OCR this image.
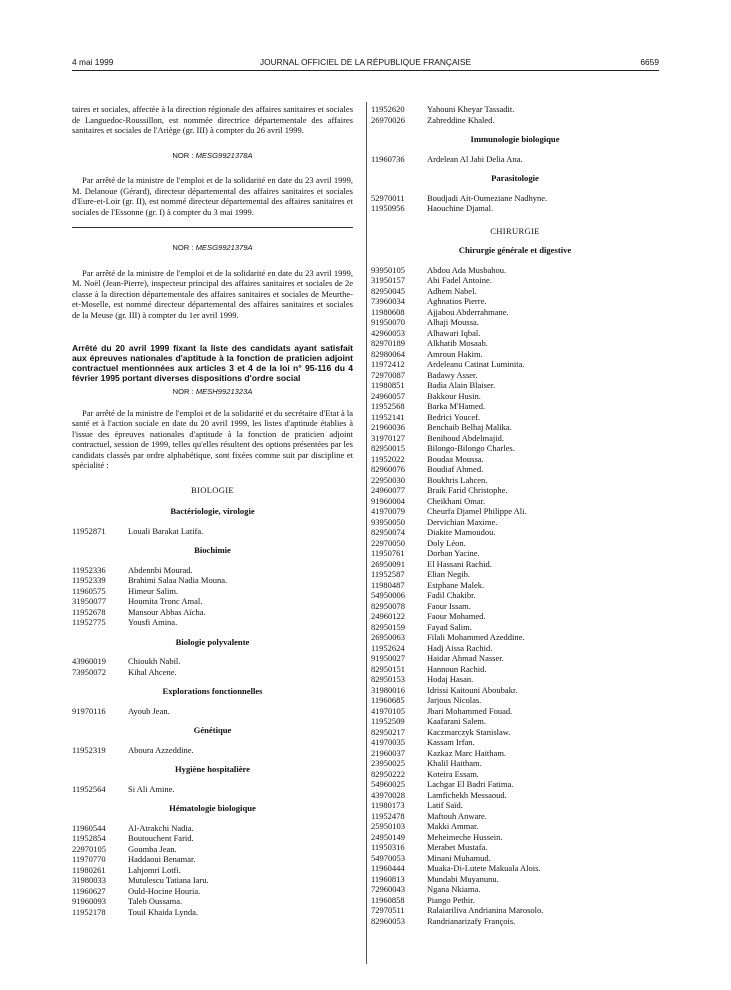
4 mai 1999	JOURNAL OFFICIEL DE LA RÉPUBLIQUE FRANÇAISE	6659

taires et sociales, affectée à la direction régionale des affaires sanitaires et sociales de Languedoc-Roussillon, est nommée directrice départementale des affaires sanitaires et sociales de l'Ariège (gr. III) à compter du 26 avril 1999.

NOR : MESG9921378A

Par arrêté de la ministre de l'emploi et de la solidarité en date du 23 avril 1999, M. Delanoue (Gérard), directeur départemental des affaires sanitaires et sociales d'Eure-et-Loir (gr. II), est nommé directeur départemental des affaires sanitaires et sociales de l'Essonne (gr. I) à compter du 3 mai 1999.

NOR : MESG9921379A

Par arrêté de la ministre de l'emploi et de la solidarité en date du 23 avril 1999, M. Noël (Jean-Pierre), inspecteur principal des affaires sanitaires et sociales de 2e classe à la direction départementale des affaires sanitaires et sociales de Meurthe-et-Moselle, est nommé directeur départemental des affaires sanitaires et sociales de la Meuse (gr. III) à compter du 1er avril 1999.

Arrêté du 20 avril 1999 fixant la liste des candidats ayant satisfait aux épreuves nationales d'aptitude à la fonction de praticien adjoint contractuel mentionnées aux articles 3 et 4 de la loi n° 95-116 du 4 février 1995 portant diverses dispositions d'ordre social
NOR : MESH9921323A

Par arrêté de la ministre de l'emploi et de la solidarité et du secrétaire d'Etat à la santé et à l'action sociale en date du 20 avril 1999, les listes d'aptitude établies à l'issue des épreuves nationales d'aptitude à la fonction de praticien adjoint contractuel, session de 1999, telles qu'elles résultent des options présentées par les candidats classés par ordre alphabétique, sont fixées comme suit par discipline et spécialité :

BIOLOGIE
Bactériologie, virologie
11952871	Louali Barakat Latifa.
Biochimie
11952336	Abdennbi Mourad.
11952339	Brahimi Salaa Nadia Mouna.
11960575	Himeur Salim.
31950077	Houmita Tronc Amal.
11952678	Mansour Abbas Aïcha.
11952775	Yousfi Amina.
Biologie polyvalente
43960019	Chioukh Nabil.
73950072	Kihal Ahcene.
Explorations fonctionnelles
91970116	Ayoub Jean.
Génétique
11952319	Aboura Azzeddine.
Hygiène hospitalière
11952564	Si Ali Amine.
Hématologie biologique
11960544	Al-Atrakchi Nadia.
11952854	Boutouchent Farid.
22970105	Goumba Jean.
11970770	Haddaoui Benamar.
11980261	Lahjomri Lotfi.
31980033	Mutulescu Tatiana Iaru.
11960627	Ould-Hocine Houria.
91960093	Taleb Oussama.
11952178	Touil Khaida Lynda.
11952620	Yahouni Kheyar Tassadit.
26970026	Zahreddine Khaled.
Immunologie biologique
11960736	Ardelean Al Jabi Delia Ana.
Parasitologie
52970011	Boudjadi Ait-Oumeziane Nadhyne.
11950956	Haouchine Djamal.
CHIRURGIE
Chirurgie générale et digestive
93950105	Abdou Ada Musbahou.
31950157	Abi Fadel Antoine.
82950045	Adhem Nabel.
73960034	Aghnatios Pierre.
11980608	Ajjabou Abderrahmane.
91950070	Alhaji Moussa.
42960053	Alhawari Iqbal.
82970189	Alkhatib Mosaab.
82980064	Amroun Hakim.
11972412	Ardeleanu Catinat Luminita.
72970087	Badawy Asser.
11980851	Badia Alain Blaiser.
24960057	Bakkour Husin.
11952568	Barka M'Hamed.
11952141	Bedrici Youcef.
21960036	Benchaib Belhaj Malika.
31970127	Benihoud Abdelmajid.
82950015	Bilongo-Bilongo Charles.
11952022	Boudaa Moussa.
82960076	Boudiaf Ahmed.
22950030	Boukhris Lahcen.
24960077	Braik Farid Christophe.
91960004	Cheikhani Omar.
41970079	Cheurfa Djamel Philippe Ali.
93950050	Dervichian Maxime.
82950074	Diakite Mamoudou.
22970050	Doly Léon.
11950761	Dorban Yacine.
26950091	El Hassani Rachid.
11952587	Elian Negib.
11980487	Estphane Malek.
54950006	Fadil Chakibr.
82950078	Faour Issam.
24960122	Faour Mohamed.
82950159	Fayad Salim.
26950063	Filali Mohammed Azeddine.
11952624	Hadj Aissa Rachid.
91950027	Haidar Ahmad Nasser.
82950151	Hannoun Rachid.
82950153	Hodaj Hasan.
31980016	Idrissi Kaitouni Aboubakr.
11960685	Jarjous Nicolas.
41970105	Jbari Mohammed Fouad.
11952509	Kaafarani Salem.
82950217	Kaczmarczyk Stanislaw.
41970035	Kassam Irfan.
21960037	Kazkaz Marc Haitham.
23950025	Khalil Haitham.
82950222	Koteira Essam.
54960025	Lachgar El Badri Fatima.
43970028	Lamfichekh Messaoud.
11980173	Latif Saïd.
11952478	Maftouh Anware.
25950103	Makki Ammar.
24950149	Meheimeche Hussein.
11950316	Merabet Mustafa.
54970053	Minani Muhamud.
11960444	Muaka-Di-Lutete Makuala Alois.
11960813	Mundabi Muyanunu.
72960043	Ngana Nkiama.
11960858	Piango Pethir.
72970511	Ralaiariliva Andrianina Marosolo.
82960053	Randrianarizafy François.
